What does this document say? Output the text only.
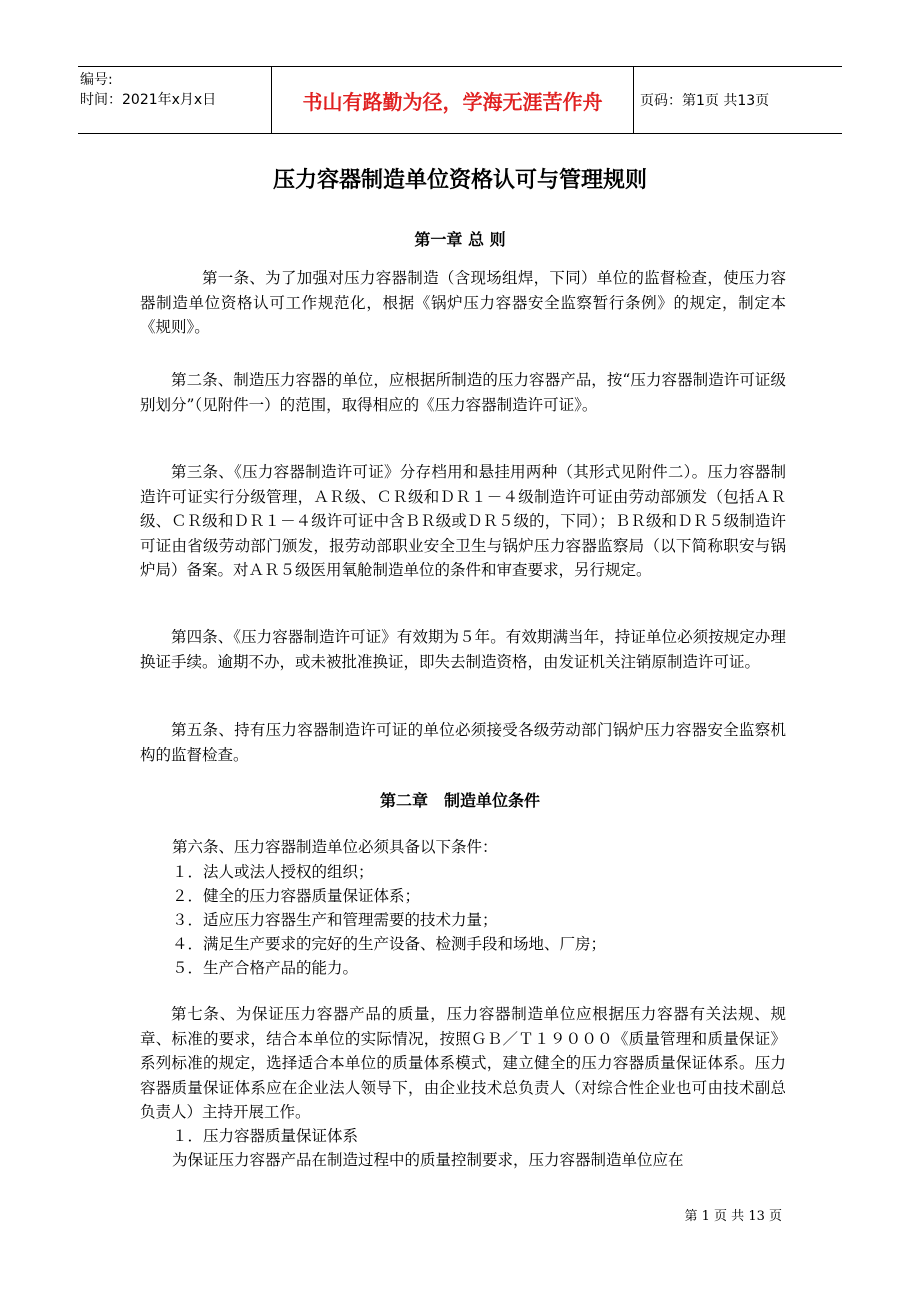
编号:
时间：2021年x月x日	书山有路勤为径，学海无涯苦作舟	页码：第1页 共13页
压力容器制造单位资格认可与管理规则
第一章 总 则

第一条、为了加强对压力容器制造（含现场组焊，下同）单位的监督检查，使压力容器制造单位资格认可工作规范化，根据《锅炉压力容器安全监察暂行条例》的规定，制定本《规则》。

第二条、制造压力容器的单位，应根据所制造的压力容器产品，按“压力容器制造许可证级别划分”（见附件一）的范围，取得相应的《压力容器制造许可证》。

第三条、《压力容器制造许可证》分存档用和悬挂用两种（其形式见附件二）。压力容器制造许可证实行分级管理，ＡＲ级、ＣＲ级和ＤＲ１－４级制造许可证由劳动部颁发（包括ＡＲ级、ＣＲ级和ＤＲ１－４级许可证中含ＢＲ级或ＤＲ５级的，下同）；ＢＲ级和ＤＲ５级制造许可证由省级劳动部门颁发，报劳动部职业安全卫生与锅炉压力容器监察局（以下简称职安与锅炉局）备案。对ＡＲ５级医用氧舱制造单位的条件和审查要求，另行规定。

第四条、《压力容器制造许可证》有效期为５年。有效期满当年，持证单位必须按规定办理换证手续。逾期不办，或未被批准换证，即失去制造资格，由发证机关注销原制造许可证。

第五条、持有压力容器制造许可证的单位必须接受各级劳动部门锅炉压力容器安全监察机构的监督检查。

第二章　制造单位条件
第六条、压力容器制造单位必须具备以下条件：
１．法人或法人授权的组织；
２．健全的压力容器质量保证体系；
３．适应压力容器生产和管理需要的技术力量；
４．满足生产要求的完好的生产设备、检测手段和场地、厂房；
５．生产合格产品的能力。

第七条、为保证压力容器产品的质量，压力容器制造单位应根据压力容器有关法规、规章、标准的要求，结合本单位的实际情况，按照ＧＢ／Ｔ１９０００《质量管理和质量保证》系列标准的规定，选择适合本单位的质量体系模式，建立健全的压力容器质量保证体系。压力容器质量保证体系应在企业法人领导下，由企业技术总负责人（对综合性企业也可由技术副总负责人）主持开展工作。

１．压力容器质量保证体系
为保证压力容器产品在制造过程中的质量控制要求，压力容器制造单位应在
第 1 页 共 13 页
